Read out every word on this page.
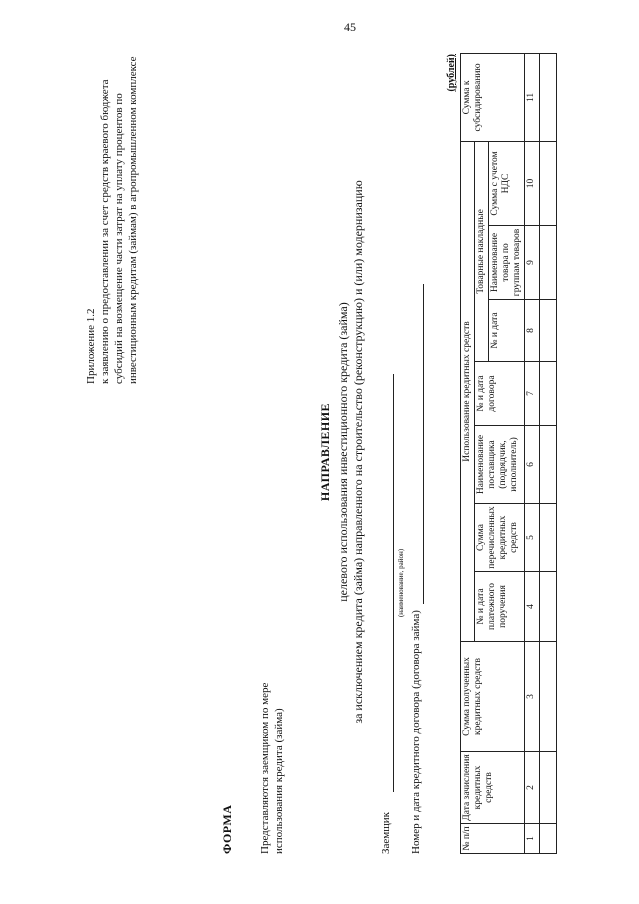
45
Приложение 1.2 к заявлению о предоставлении за счет средств краевого бюджета субсидий на возмещение части затрат на уплату процентов по инвестиционным кредитам (займам) в агропромышленном комплексе
ФОРМА Представляются заемщиком по мере использования кредита (займа)
НАПРАВЛЕНИЕ целевого использования инвестиционного кредита (займа) за исключением кредита (займа) направленного на строительство (реконструкцию) и (или) модернизацию
Заемщик
(наименование, район)
Номер и дата кредитного договора (договора займа)
(рублей)
№ п/п	Дата зачисления кредитных средств	Сумма полученных кредитных средств	Использование кредитных средств							Сумма к субсидированию
			№ и дата платежного поручения	Сумма перечисленных кредитных средств	Наименование поставщика (подрядчик, исполнитель)	№ и дата договора	Товарные накладные			
							№ и дата	Наименование товара по группам товаров	Сумма с учетом НДС	
1	2	3	4	5	6	7	8	9	10	11
